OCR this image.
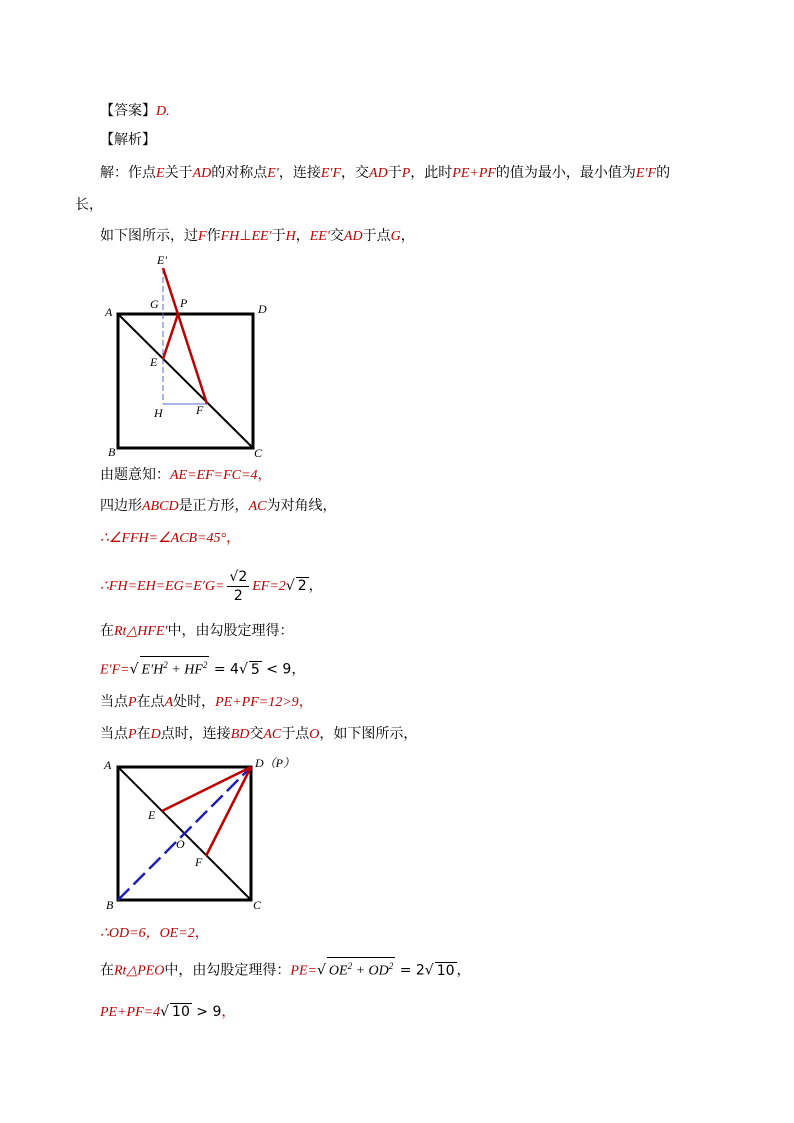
【答案】D.
【解析】
解：作点E关于AD的对称点E′，连接E′F，交AD于P，此时PE+PF的值为最小，最小值为E′F的
长，
如下图所示，过F作FH⊥EE′于H，EE′交AD于点G，
E'
G P
A	D
E
H	F
B	C
由题意知：AE=EF=FC=4，
四边形ABCD是正方形，AC为对角线，
∴∠FFH=∠ACB=45°，
∴FH=EH=EG=E′G= $\frac{√2}{2} EF=2√$ 2 ，
在Rt△HFE′中，由勾股定理得：
E′F=√ $E'H^2 + HF^2 = 4√$ 5 < 9，
当点P在点A处时，PE+PF=12>9，
当点P在D点时，连接BD交AC于点O，如下图所示，
A	D（P）
E
O
F
B	C
∴OD=6，OE=2，
在Rt△PEO中，由勾股定理得：PE=√ $OE^2 + OD^2 = 2√$ 10 ，
PE+PF=4√ 10 > 9，
